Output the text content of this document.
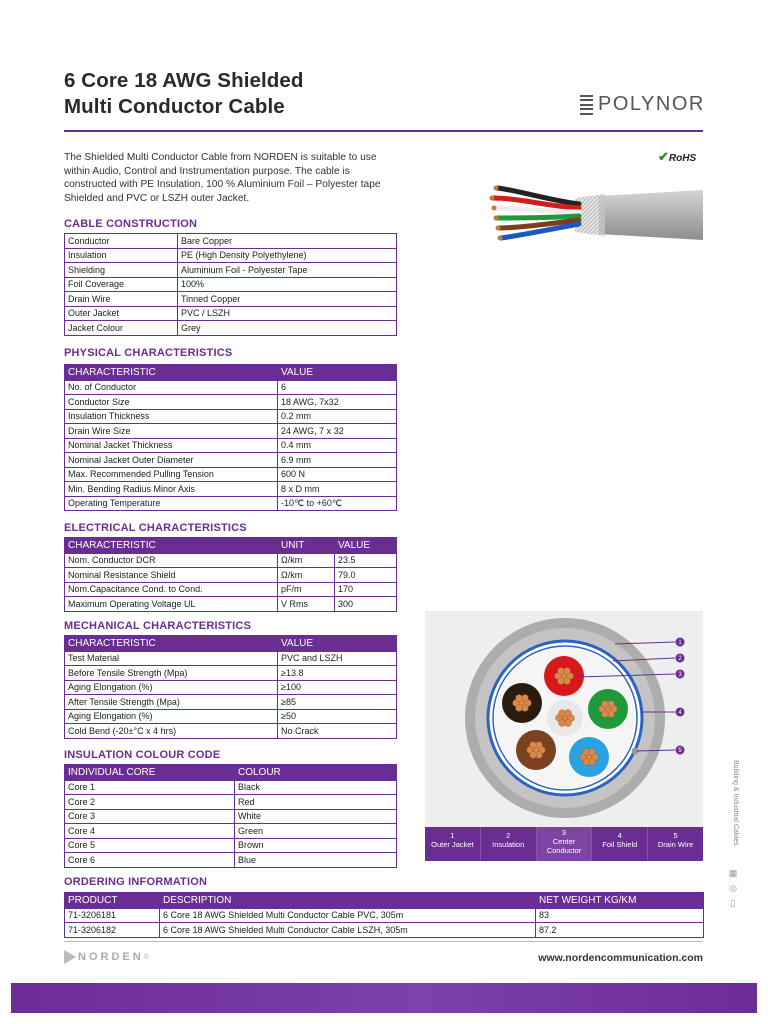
6 Core 18 AWG Shielded
Multi Conductor Cable	POLYNOR
The Shielded Multi Conductor Cable from NORDEN is suitable to use within Audio, Control and Instrumentation purpose. The cable is constructed with PE Insulation, 100 % Aluminium Foil – Polyester tape Shielded and PVC or LSZH outer Jacket.
✔RoHS
CABLE CONSTRUCTION
Conductor	Bare Copper
Insulation	PE (High Density Polyethylene)
Shielding	Aluminium Foil - Polyester Tape
Foil Coverage	100%
Drain Wire	Tinned Copper
Outer Jacket	PVC / LSZH
Jacket Colour	Grey
PHYSICAL CHARACTERISTICS
CHARACTERISTIC	VALUE
No. of Conductor	6
Conductor Size	18 AWG, 7x32
Insulation Thickness	0.2 mm
Drain Wire Size	24 AWG, 7 x 32
Nominal Jacket Thickness	0.4 mm
Nominal Jacket Outer Diameter	6.9 mm
Max. Recommended Pulling Tension	600 N
Min. Bending Radius Minor Axis	8 x D mm
Operating Temperature	-10℃ to +60℃
ELECTRICAL CHARACTERISTICS
CHARACTERISTIC	UNIT	VALUE
Nom. Conductor DCR	Ω/km	23.5
Nominal Resistance Shield	Ω/km	79.0
Nom.Capacitance Cond. to Cond.	pF/m	170
Maximum Operating Voltage UL	V Rms	300
MECHANICAL CHARACTERISTICS
CHARACTERISTIC	VALUE
Test Material	PVC and LSZH
Before Tensile Strength (Mpa)	≥13.8
Aging Elongation (%)	≥100
After Tensile Strength (Mpa)	≥85
Aging Elongation (%)	≥50
Cold Bend (-20±°C x 4 hrs)	No Crack
INSULATION COLOUR CODE
INDIVIDUAL CORE	COLOUR
Core 1	Black
Core 2	Red
Core 3	White
Core 4	Green
Core 5	Brown
Core 6	Blue
1
2
3
4
5
1
Outer Jacket
2
Insulation
3
Center Conductor
4
Foil Shield
5
Drain Wire	Building & Industrial Cables
▦
◎
▯
ORDERING INFORMATION
PRODUCT	DESCRIPTION	NET WEIGHT KG/KM
71-3206181	6 Core 18 AWG Shielded Multi Conductor Cable PVC, 305m	83
71-3206182	6 Core 18 AWG Shielded Multi Conductor Cable LSZH, 305m	87.2
NORDEN ®	www.nordencommunication.com
